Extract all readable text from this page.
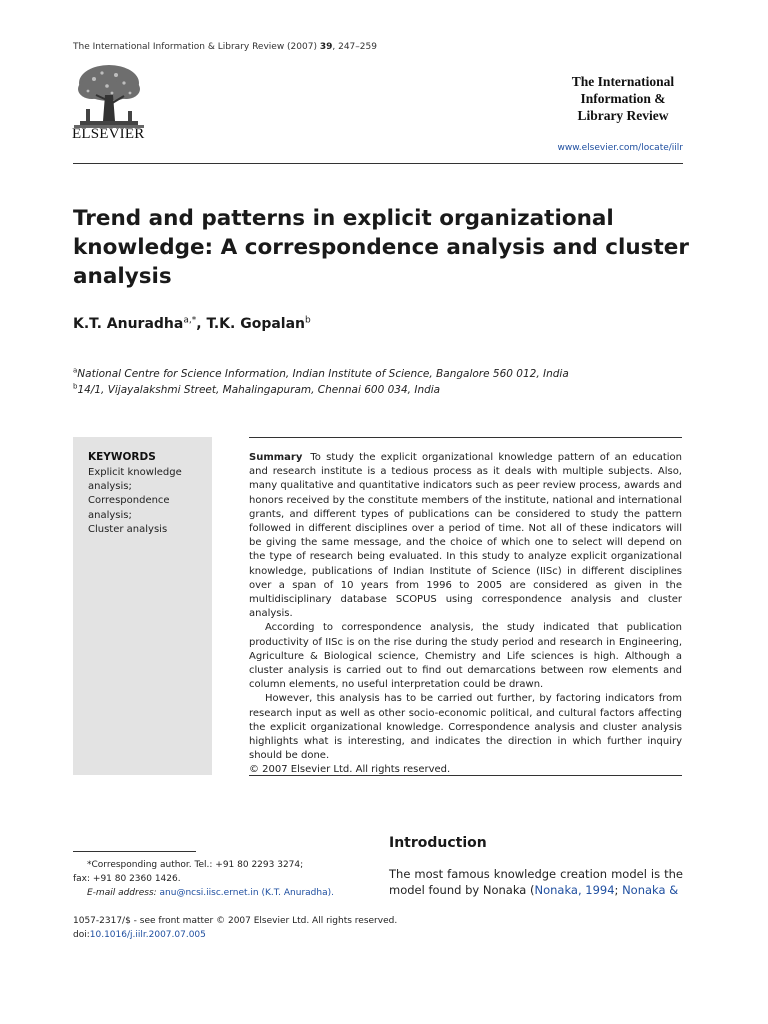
The International Information & Library Review (2007) 39, 247–259
ELSEVIER
The International
Information &
Library Review
www.elsevier.com/locate/iilr
Trend and patterns in explicit organizational knowledge: A correspondence analysis and cluster analysis
K.T. Anuradha$^{a,*}$, T.K. Gopalan$^b$
$^a$National Centre for Science Information, Indian Institute of Science, Bangalore 560 012, India
$^b$14/1, Vijayalakshmi Street, Mahalingapuram, Chennai 600 034, India
KEYWORDS
Explicit knowledge
analysis;
Correspondence
analysis;
Cluster analysis

Summary To study the explicit organizational knowledge pattern of an education and research institute is a tedious process as it deals with multiple subjects. Also, many qualitative and quantitative indicators such as peer review process, awards and honors received by the constitute members of the institute, national and international grants, and different types of publications can be considered to study the pattern followed in different disciplines over a period of time. Not all of these indicators will be giving the same message, and the choice of which one to select will depend on the type of research being evaluated. In this study to analyze explicit organizational knowledge, publications of Indian Institute of Science (IISc) in different disciplines over a span of 10 years from 1996 to 2005 are considered as given in the multidisciplinary database SCOPUS using correspondence analysis and cluster analysis.

According to correspondence analysis, the study indicated that publication productivity of IISc is on the rise during the study period and research in Engineering, Agriculture & Biological science, Chemistry and Life sciences is high. Although a cluster analysis is carried out to find out demarcations between row elements and column elements, no useful interpretation could be drawn.

However, this analysis has to be carried out further, by factoring indicators from research input as well as other socio-economic political, and cultural factors affecting the explicit organizational knowledge. Correspondence analysis and cluster analysis highlights what is interesting, and indicates the direction in which further inquiry should be done.

© 2007 Elsevier Ltd. All rights reserved.

Introduction
The most famous knowledge creation model is the model found by Nonaka (Nonaka, 1994; Nonaka &
*Corresponding author. Tel.: +91 80 2293 3274;
fax: +91 80 2360 1426.
E-mail address: anu@ncsi.iisc.ernet.in (K.T. Anuradha).
1057-2317/$ - see front matter © 2007 Elsevier Ltd. All rights reserved.
doi:10.1016/j.iilr.2007.07.005
